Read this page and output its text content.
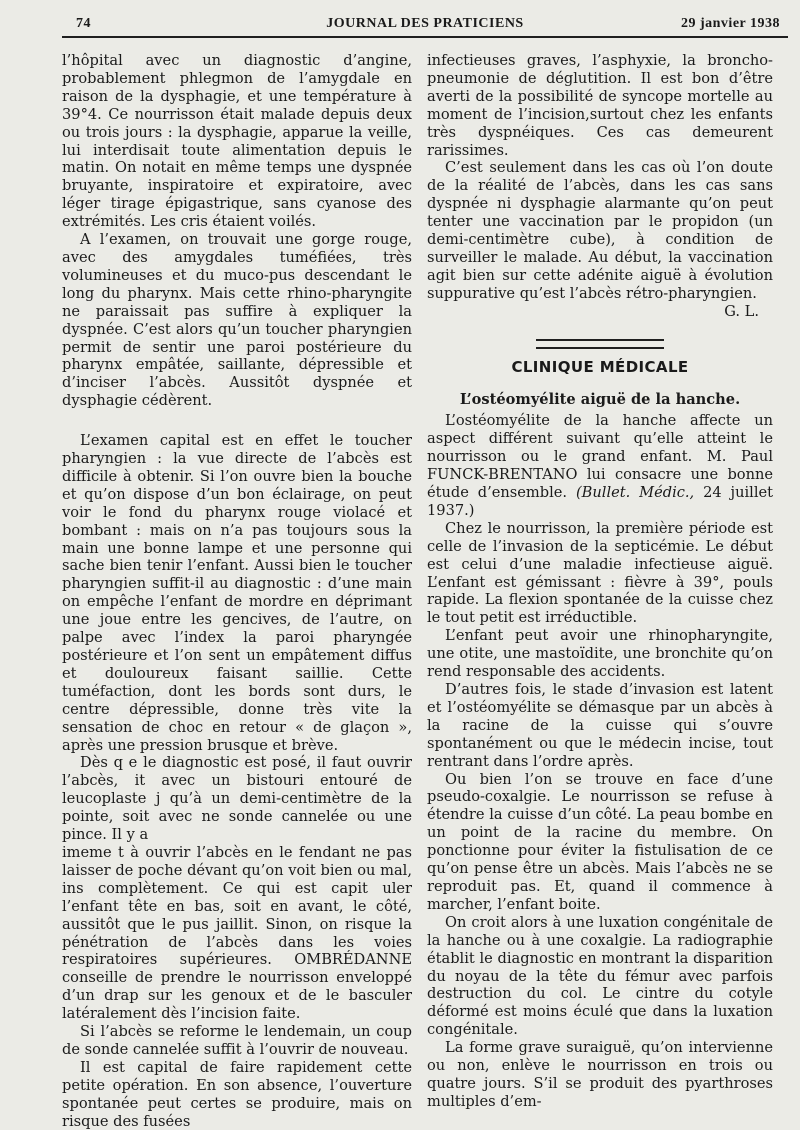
74	JOURNAL DES PRATICIENS	29 janvier 1938

l’hôpital avec un diagnostic d’angine, probablement phlegmon de l’amygdale en raison de la dysphagie, et une température à 39°4. Ce nourrisson était malade depuis deux ou trois jours : la dysphagie, apparue la veille, lui interdisait toute alimentation depuis le matin. On notait en même temps une dyspnée bruyante, inspiratoire et expiratoire, avec léger tirage épigastrique, sans cyanose des extrémités. Les cris étaient voilés.

A l’examen, on trouvait une gorge rouge, avec des amygdales tuméfiées, très volumineuses et du muco-pus descendant le long du pharynx. Mais cette rhino-pharyngite ne paraissait pas suffire à expliquer la dyspnée. C’est alors qu’un toucher pharyngien permit de sentir une paroi postérieure du pharynx empâtée, saillante, dépressible et d’inciser l’abcès. Aussitôt dyspnée et dysphagie cédèrent.

L’examen capital est en effet le toucher pharyngien : la vue directe de l’abcès est difficile à obtenir. Si l’on ouvre bien la bouche et qu’on dispose d’un bon éclairage, on peut voir le fond du pharynx rouge violacé et bombant : mais on n’a pas toujours sous la main une bonne lampe et une personne qui sache bien tenir l’enfant. Aussi bien le toucher pharyngien suffit-il au diagnostic : d’une main on empêche l’enfant de mordre en déprimant une joue entre les gencives, de l’autre, on palpe avec l’index la paroi pharyngée postérieure et l’on sent un empâtement diffus et douloureux faisant saillie. Cette tuméfaction, dont les bords sont durs, le centre dépressible, donne très vite la sensation de choc en retour « de glaçon », après une pression brusque et brève.

Dès q e le diagnostic est posé, il faut ouvrir l’abcès, it avec un bistouri entouré de leucoplaste j qu’à un demi-centimètre de la pointe, soit avec ne sonde cannelée ou une pince. Il y a

imeme t à ouvrir l’abcès en le fendant ne pas laisser de poche dévant qu’on voit bien ou mal, ins complètement. Ce qui est capit uler l’enfant tête en bas, soit en avant, le côté, aussitôt que le pus jaillit. Sinon, on risque la pénétration de l’abcès dans les voies respiratoires supérieures. OMBRÉDANNE conseille de prendre le nourrisson enveloppé d’un drap sur les genoux et de le basculer latéralement dès l’incision faite.

Si l’abcès se reforme le lendemain, un coup de sonde cannelée suffit à l’ouvrir de nouveau.

Il est capital de faire rapidement cette petite opération. En son absence, l’ouverture spontanée peut certes se produire, mais on risque des fusées

infectieuses graves, l’asphyxie, la broncho-pneumonie de déglutition. Il est bon d’être averti de la possibilité de syncope mortelle au moment de l’incision,surtout chez les enfants très dyspnéiques. Ces cas demeurent rarissimes.

C’est seulement dans les cas où l’on doute de la réalité de l’abcès, dans les cas sans dyspnée ni dysphagie alarmante qu’on peut tenter une vaccination par le propidon (un demi-centimètre cube), à condition de surveiller le malade. Au début, la vaccination agit bien sur cette adénite aiguë à évolution suppurative qu’est l’abcès rétro-pharyngien.

G. L.

CLINIQUE MÉDICALE
L’ostéomyélite aiguë de la hanche.

L’ostéomyélite de la hanche affecte un aspect différent suivant qu’elle atteint le nourrisson ou le grand enfant. M. Paul FUNCK-BRENTANO lui consacre une bonne étude d’ensemble. (Bullet. Médic., 24 juillet 1937.)

Chez le nourrisson, la première période est celle de l’invasion de la septicémie. Le début est celui d’une maladie infectieuse aiguë. L’enfant est gémissant : fièvre à 39°, pouls rapide. La flexion spontanée de la cuisse chez le tout petit est irréductible.

L’enfant peut avoir une rhinopharyngite, une otite, une mastoïdite, une bronchite qu’on rend responsable des accidents.

D’autres fois, le stade d’invasion est latent et l’ostéomyélite se démasque par un abcès à la racine de la cuisse qui s’ouvre spontanément ou que le médecin incise, tout rentrant dans l’ordre après.

Ou bien l’on se trouve en face d’une pseudo-coxalgie. Le nourrisson se refuse à étendre la cuisse d’un côté. La peau bombe en un point de la racine du membre. On ponctionne pour éviter la fistulisation de ce qu’on pense être un abcès. Mais l’abcès ne se reproduit pas. Et, quand il commence à marcher, l’enfant boite.

On croit alors à une luxation congénitale de la hanche ou à une coxalgie. La radiographie établit le diagnostic en montrant la disparition du noyau de la tête du fémur avec parfois destruction du col. Le cintre du cotyle déformé est moins éculé que dans la luxation congénitale.

La forme grave suraiguë, qu’on intervienne ou non, enlève le nourrisson en trois ou quatre jours. S’il se produit des pyarthroses multiples d’em-
